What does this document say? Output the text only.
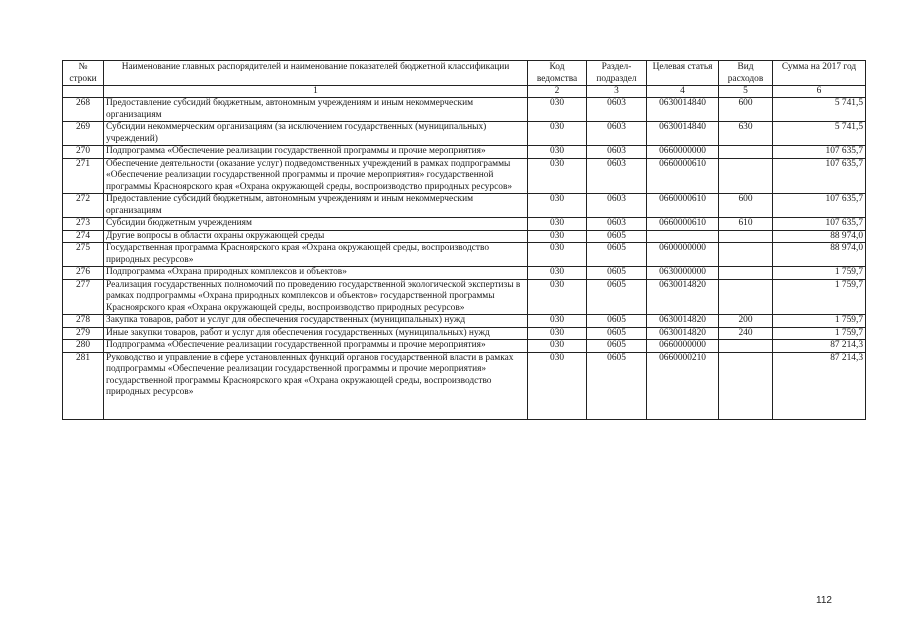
№ строки	Наименование главных распорядителей и наименование показателей бюджетной классификации	Код ведомства	Раздел-подраздел	Целевая статья	Вид расходов	Сумма на 2017 год
	1	2	3	4	5	6
268	Предоставление субсидий бюджетным, автономным учреждениям и иным некоммерческим организациям	030	0603	0630014840	600	5 741,5
269	Субсидии некоммерческим организациям (за исключением государственных (муниципальных) учреждений)	030	0603	0630014840	630	5 741,5
270	Подпрограмма «Обеспечение реализации государственной программы и прочие мероприятия»	030	0603	0660000000		107 635,7
271	Обеспечение деятельности (оказание услуг) подведомственных учреждений в рамках подпрограммы «Обеспечение реализации государственной программы и прочие мероприятия» государственной программы Красноярского края «Охрана окружающей среды, воспроизводство природных ресурсов»	030	0603	0660000610		107 635,7
272	Предоставление субсидий бюджетным, автономным учреждениям и иным некоммерческим организациям	030	0603	0660000610	600	107 635,7
273	Субсидии бюджетным учреждениям	030	0603	0660000610	610	107 635,7
274	Другие вопросы в области охраны окружающей среды	030	0605			88 974,0
275	Государственная программа Красноярского края «Охрана окружающей среды, воспроизводство природных ресурсов»	030	0605	0600000000		88 974,0
276	Подпрограмма «Охрана природных комплексов и объектов»	030	0605	0630000000		1 759,7
277	Реализация государственных полномочий по проведению государственной экологической экспертизы в рамках подпрограммы «Охрана природных комплексов и объектов» государственной программы Красноярского края «Охрана окружающей среды, воспроизводство природных ресурсов»	030	0605	0630014820		1 759,7
278	Закупка товаров, работ и услуг для обеспечения государственных (муниципальных) нужд	030	0605	0630014820	200	1 759,7
279	Иные закупки товаров, работ и услуг для обеспечения государственных (муниципальных) нужд	030	0605	0630014820	240	1 759,7
280	Подпрограмма «Обеспечение реализации государственной программы и прочие мероприятия»	030	0605	0660000000		87 214,3
281	Руководство и управление в сфере установленных функций органов государственной власти в рамках подпрограммы «Обеспечение реализации государственной программы и прочие мероприятия» государственной программы Красноярского края «Охрана окружающей среды, воспроизводство природных ресурсов»	030	0605	0660000210		87 214,3
112
